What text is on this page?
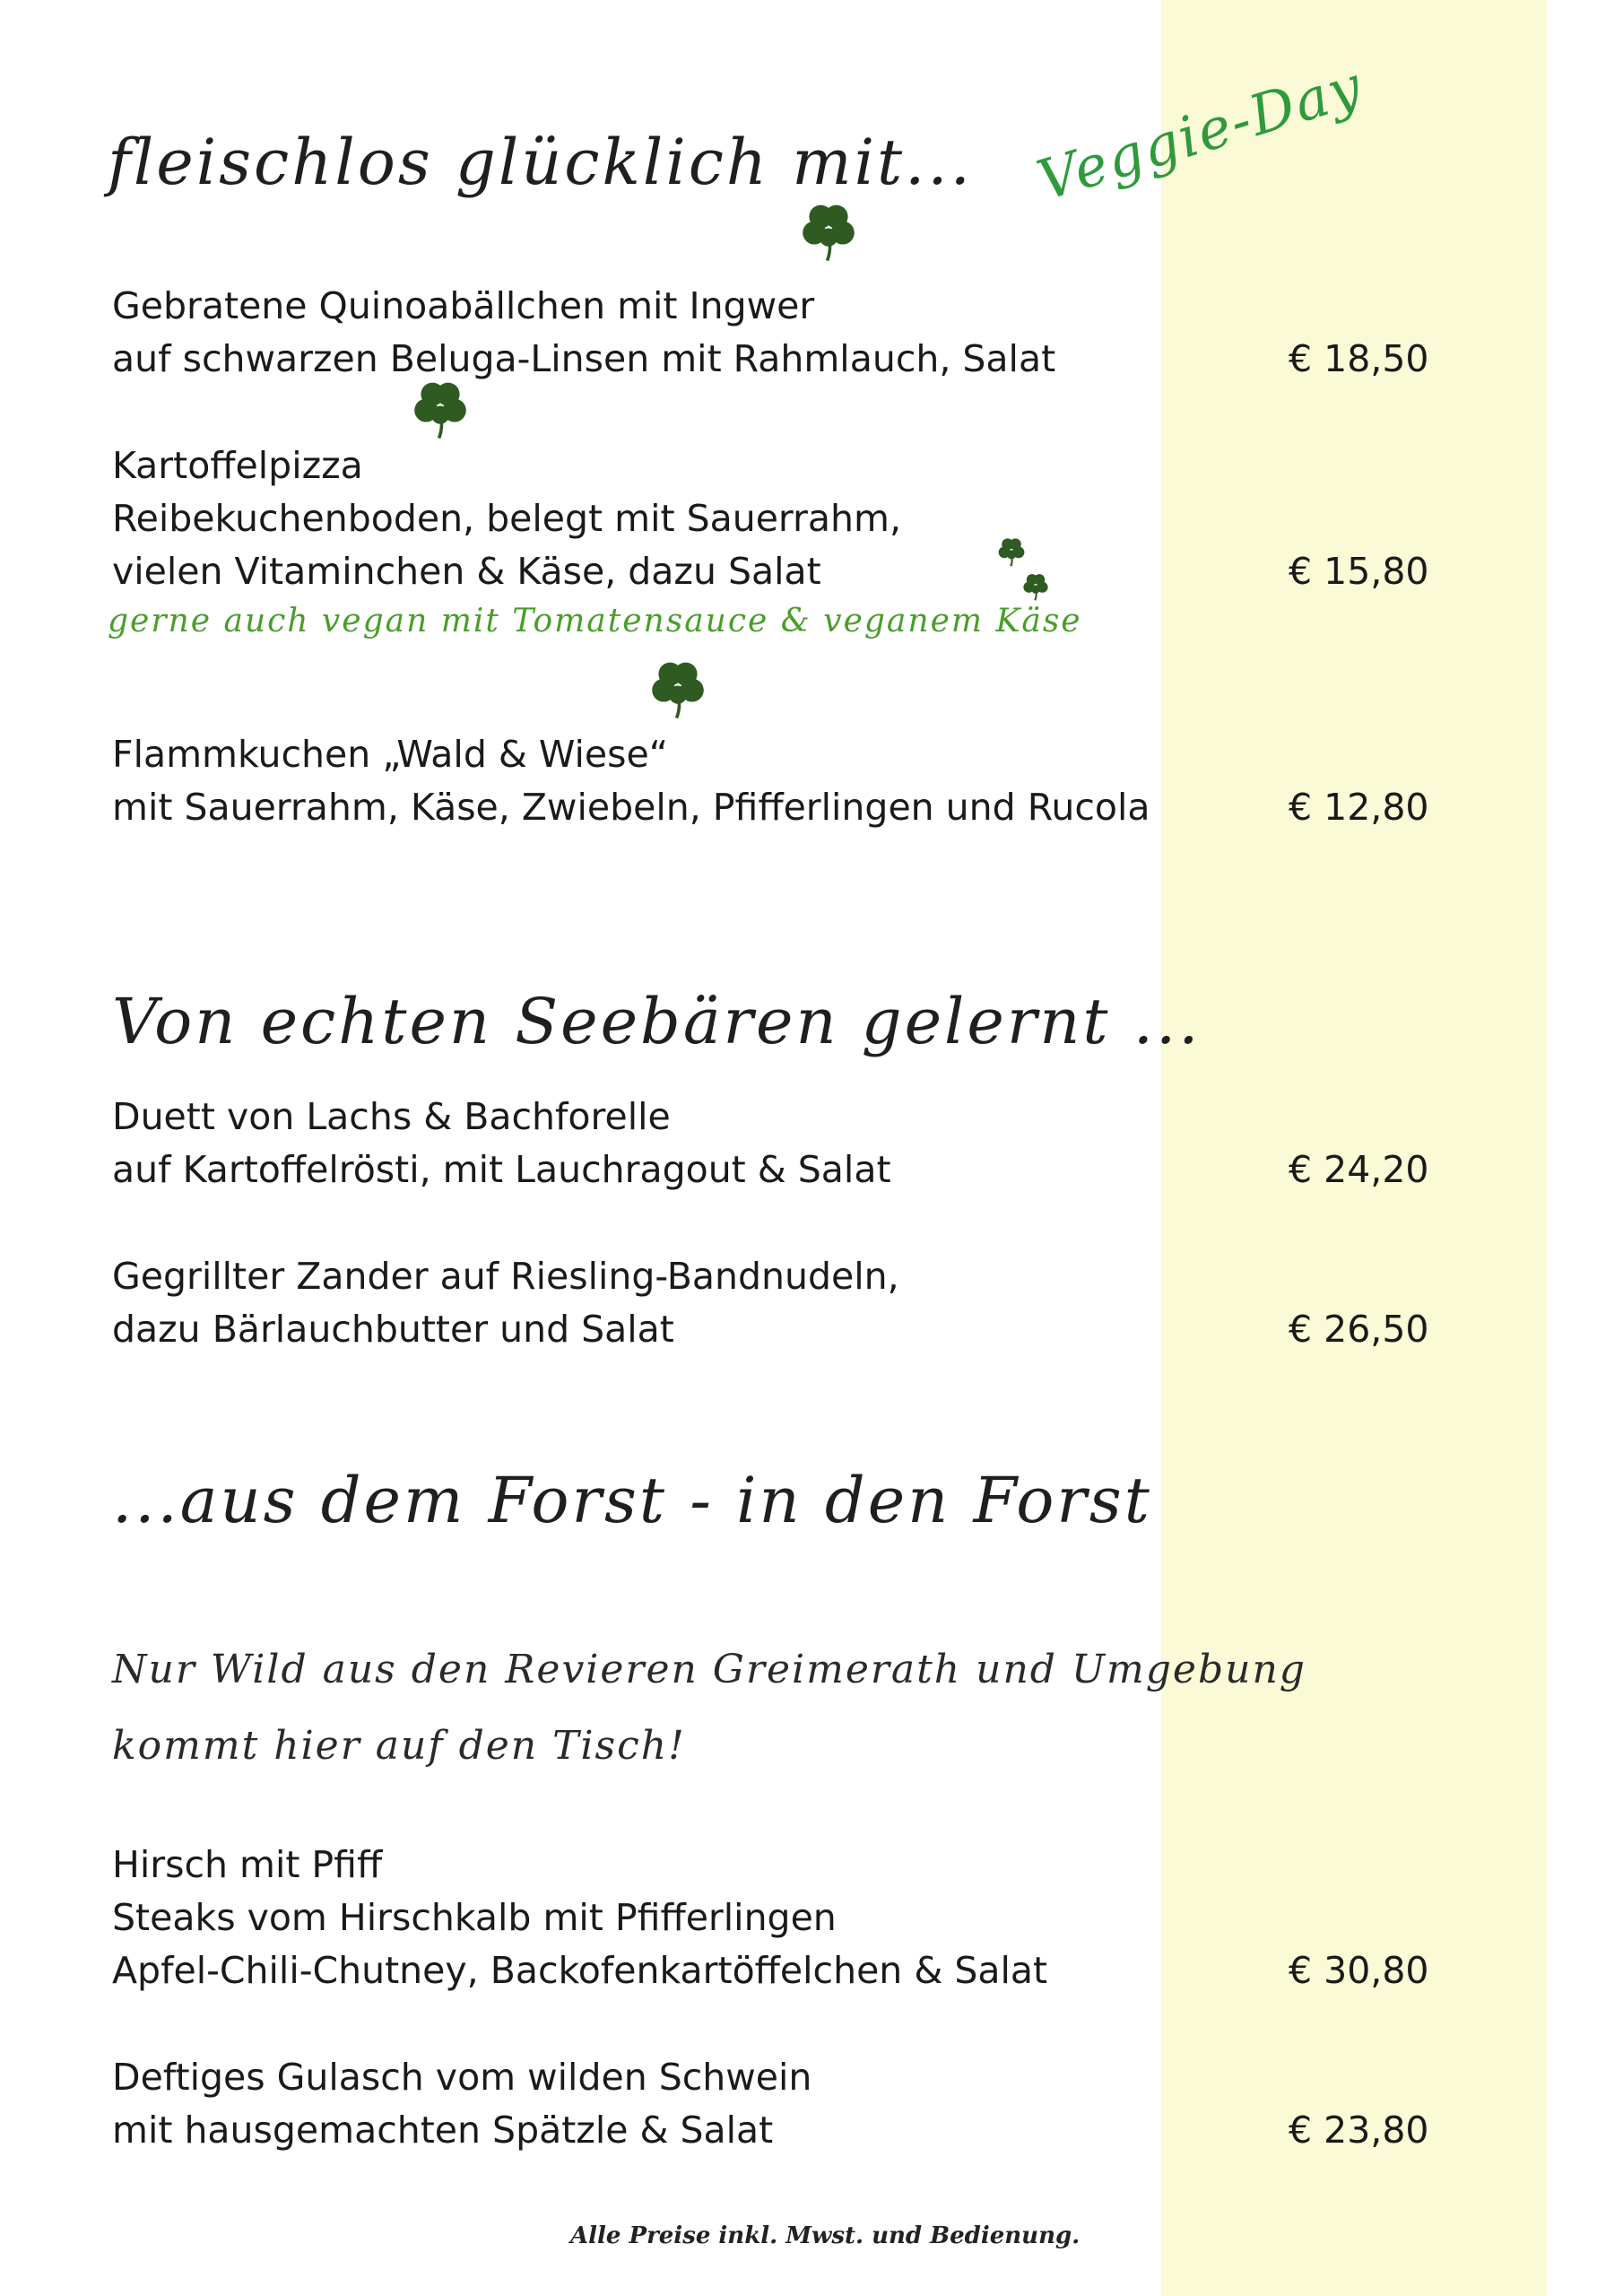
fleischlos glücklich mit... Veggie-Day
Gebratene Quinoabällchen mit Ingwer
auf schwarzen Beluga-Linsen mit Rahmlauch, Salat	€ 18,50
Kartoffelpizza
Reibekuchenboden, belegt mit Sauerrahm,
vielen Vitaminchen & Käse, dazu Salat	€ 15,80
gerne auch vegan mit Tomatensauce & veganem Käse
Flammkuchen „Wald & Wiese“
mit Sauerrahm, Käse, Zwiebeln, Pfifferlingen und Rucola	€ 12,80
Von echten Seebären gelernt ...
Duett von Lachs & Bachforelle
auf Kartoffelrösti, mit Lauchragout & Salat	€ 24,20
Gegrillter Zander auf Riesling-Bandnudeln,
dazu Bärlauchbutter und Salat	€ 26,50
...aus dem Forst - in den Forst
Nur Wild aus den Revieren Greimerath und Umgebung
kommt hier auf den Tisch!
Hirsch mit Pfiff
Steaks vom Hirschkalb mit Pfifferlingen
Apfel-Chili-Chutney, Backofenkartöffelchen & Salat	€ 30,80
Deftiges Gulasch vom wilden Schwein
mit hausgemachten Spätzle & Salat	€ 23,80
Alle Preise inkl. Mwst. und Bedienung.
